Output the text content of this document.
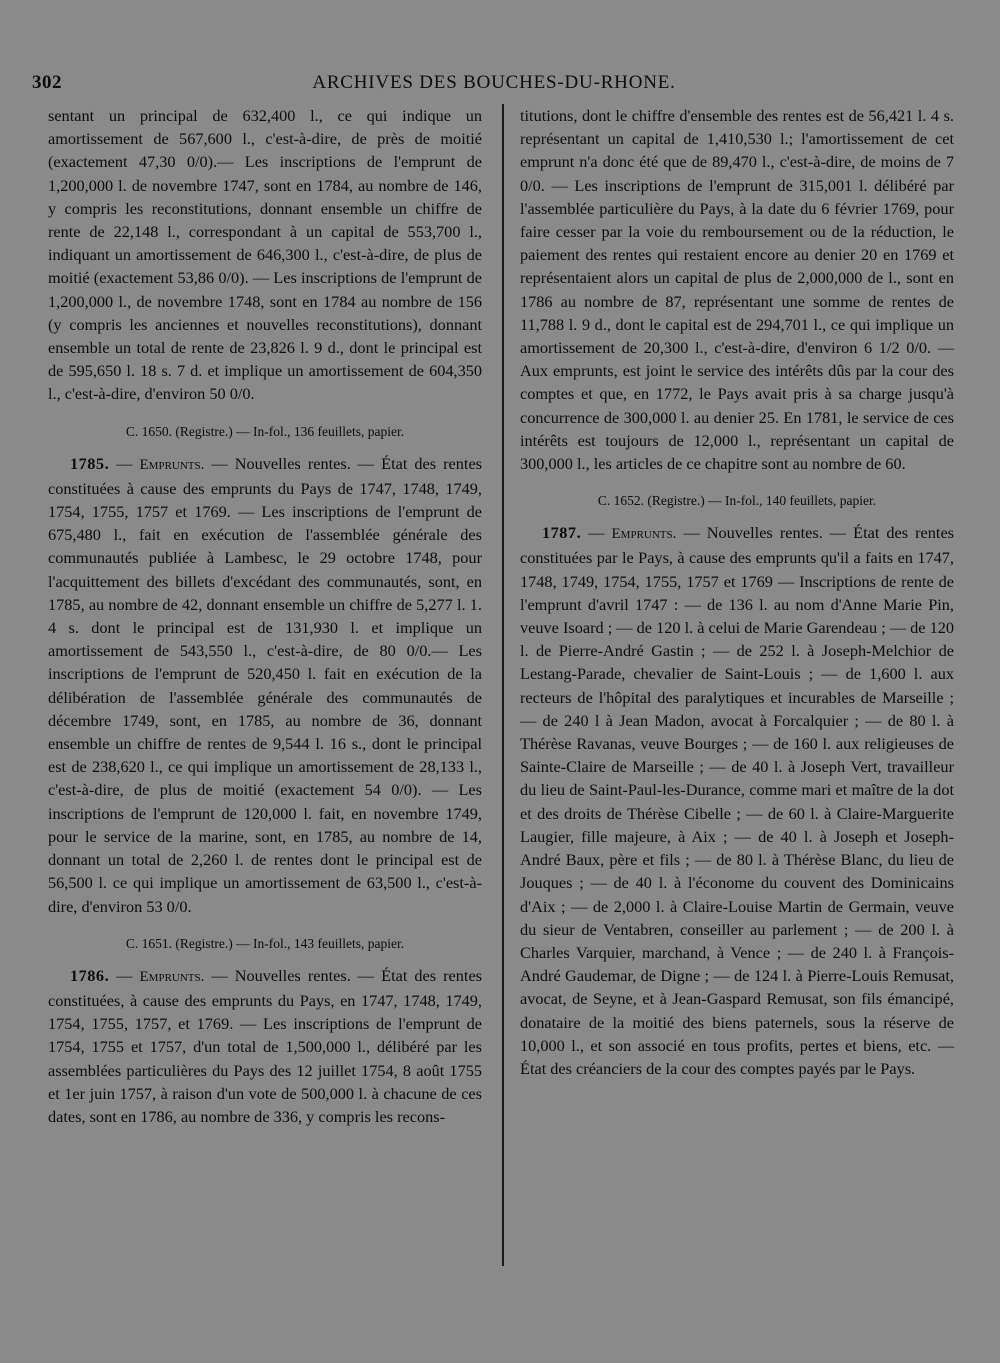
302	ARCHIVES DES BOUCHES-DU-RHONE.

sentant un principal de 632,400 l., ce qui indique un amortissement de 567,600 l., c'est-à-dire, de près de moitié (exactement 47,30 0/0).— Les inscriptions de l'emprunt de 1,200,000 l. de novembre 1747, sont en 1784, au nombre de 146, y compris les reconstitutions, donnant ensemble un chiffre de rente de 22,148 l., correspondant à un capital de 553,700 l., indiquant un amortissement de 646,300 l., c'est-à-dire, de plus de moitié (exactement 53,86 0/0). — Les inscriptions de l'emprunt de 1,200,000 l., de novembre 1748, sont en 1784 au nombre de 156 (y compris les anciennes et nouvelles reconstitutions), donnant ensemble un total de rente de 23,826 l. 9 d., dont le principal est de 595,650 l. 18 s. 7 d. et implique un amortissement de 604,350 l., c'est-à-dire, d'environ 50 0/0.

C. 1650. (Registre.) — In-fol., 136 feuillets, papier.

1785. — Emprunts. — Nouvelles rentes. — État des rentes constituées à cause des emprunts du Pays de 1747, 1748, 1749, 1754, 1755, 1757 et 1769. — Les inscriptions de l'emprunt de 675,480 l., fait en exécution de l'assemblée générale des communautés publiée à Lambesc, le 29 octobre 1748, pour l'acquittement des billets d'excédant des communautés, sont, en 1785, au nombre de 42, donnant ensemble un chiffre de 5,277 l. 1. 4 s. dont le principal est de 131,930 l. et implique un amortissement de 543,550 l., c'est-à-dire, de 80 0/0.— Les inscriptions de l'emprunt de 520,450 l. fait en exécution de la délibération de l'assemblée générale des communautés de décembre 1749, sont, en 1785, au nombre de 36, donnant ensemble un chiffre de rentes de 9,544 l. 16 s., dont le principal est de 238,620 l., ce qui implique un amortissement de 28,133 l., c'est-à-dire, de plus de moitié (exactement 54 0/0). — Les inscriptions de l'emprunt de 120,000 l. fait, en novembre 1749, pour le service de la marine, sont, en 1785, au nombre de 14, donnant un total de 2,260 l. de rentes dont le principal est de 56,500 l. ce qui implique un amortissement de 63,500 l., c'est-à-dire, d'environ 53 0/0.

C. 1651. (Registre.) — In-fol., 143 feuillets, papier.

1786. — Emprunts. — Nouvelles rentes. — État des rentes constituées, à cause des emprunts du Pays, en 1747, 1748, 1749, 1754, 1755, 1757, et 1769. — Les inscriptions de l'emprunt de 1754, 1755 et 1757, d'un total de 1,500,000 l., délibéré par les assemblées particulières du Pays des 12 juillet 1754, 8 août 1755 et 1er juin 1757, à raison d'un vote de 500,000 l. à chacune de ces dates, sont en 1786, au nombre de 336, y compris les recons-

titutions, dont le chiffre d'ensemble des rentes est de 56,421 l. 4 s. représentant un capital de 1,410,530 l.; l'amortissement de cet emprunt n'a donc été que de 89,470 l., c'est-à-dire, de moins de 7 0/0. — Les inscriptions de l'emprunt de 315,001 l. délibéré par l'assemblée particulière du Pays, à la date du 6 février 1769, pour faire cesser par la voie du remboursement ou de la réduction, le paiement des rentes qui restaient encore au denier 20 en 1769 et représentaient alors un capital de plus de 2,000,000 de l., sont en 1786 au nombre de 87, représentant une somme de rentes de 11,788 l. 9 d., dont le capital est de 294,701 l., ce qui implique un amortissement de 20,300 l., c'est-à-dire, d'environ 6 1/2 0/0. — Aux emprunts, est joint le service des intérêts dûs par la cour des comptes et que, en 1772, le Pays avait pris à sa charge jusqu'à concurrence de 300,000 l. au denier 25. En 1781, le service de ces intérêts est toujours de 12,000 l., représentant un capital de 300,000 l., les articles de ce chapitre sont au nombre de 60.

C. 1652. (Registre.) — In-fol., 140 feuillets, papier.

1787. — Emprunts. — Nouvelles rentes. — État des rentes constituées par le Pays, à cause des emprunts qu'il a faits en 1747, 1748, 1749, 1754, 1755, 1757 et 1769 — Inscriptions de rente de l'emprunt d'avril 1747 : — de 136 l. au nom d'Anne Marie Pin, veuve Isoard ; — de 120 l. à celui de Marie Garendeau ; — de 120 l. de Pierre-André Gastin ; — de 252 l. à Joseph-Melchior de Lestang-Parade, chevalier de Saint-Louis ; — de 1,600 l. aux recteurs de l'hôpital des paralytiques et incurables de Marseille ; — de 240 l à Jean Madon, avocat à Forcalquier ; — de 80 l. à Thérèse Ravanas, veuve Bourges ; — de 160 l. aux religieuses de Sainte-Claire de Marseille ; — de 40 l. à Joseph Vert, travailleur du lieu de Saint-Paul-les-Durance, comme mari et maître de la dot et des droits de Thérèse Cibelle ; — de 60 l. à Claire-Marguerite Laugier, fille majeure, à Aix ; — de 40 l. à Joseph et Joseph-André Baux, père et fils ; — de 80 l. à Thérèse Blanc, du lieu de Jouques ; — de 40 l. à l'économe du couvent des Dominicains d'Aix ; — de 2,000 l. à Claire-Louise Martin de Germain, veuve du sieur de Ventabren, conseiller au parlement ; — de 200 l. à Charles Varquier, marchand, à Vence ; — de 240 l. à François-André Gaudemar, de Digne ; — de 124 l. à Pierre-Louis Remusat, avocat, de Seyne, et à Jean-Gaspard Remusat, son fils émancipé, donataire de la moitié des biens paternels, sous la réserve de 10,000 l., et son associé en tous profits, pertes et biens, etc. — État des créanciers de la cour des comptes payés par le Pays.
